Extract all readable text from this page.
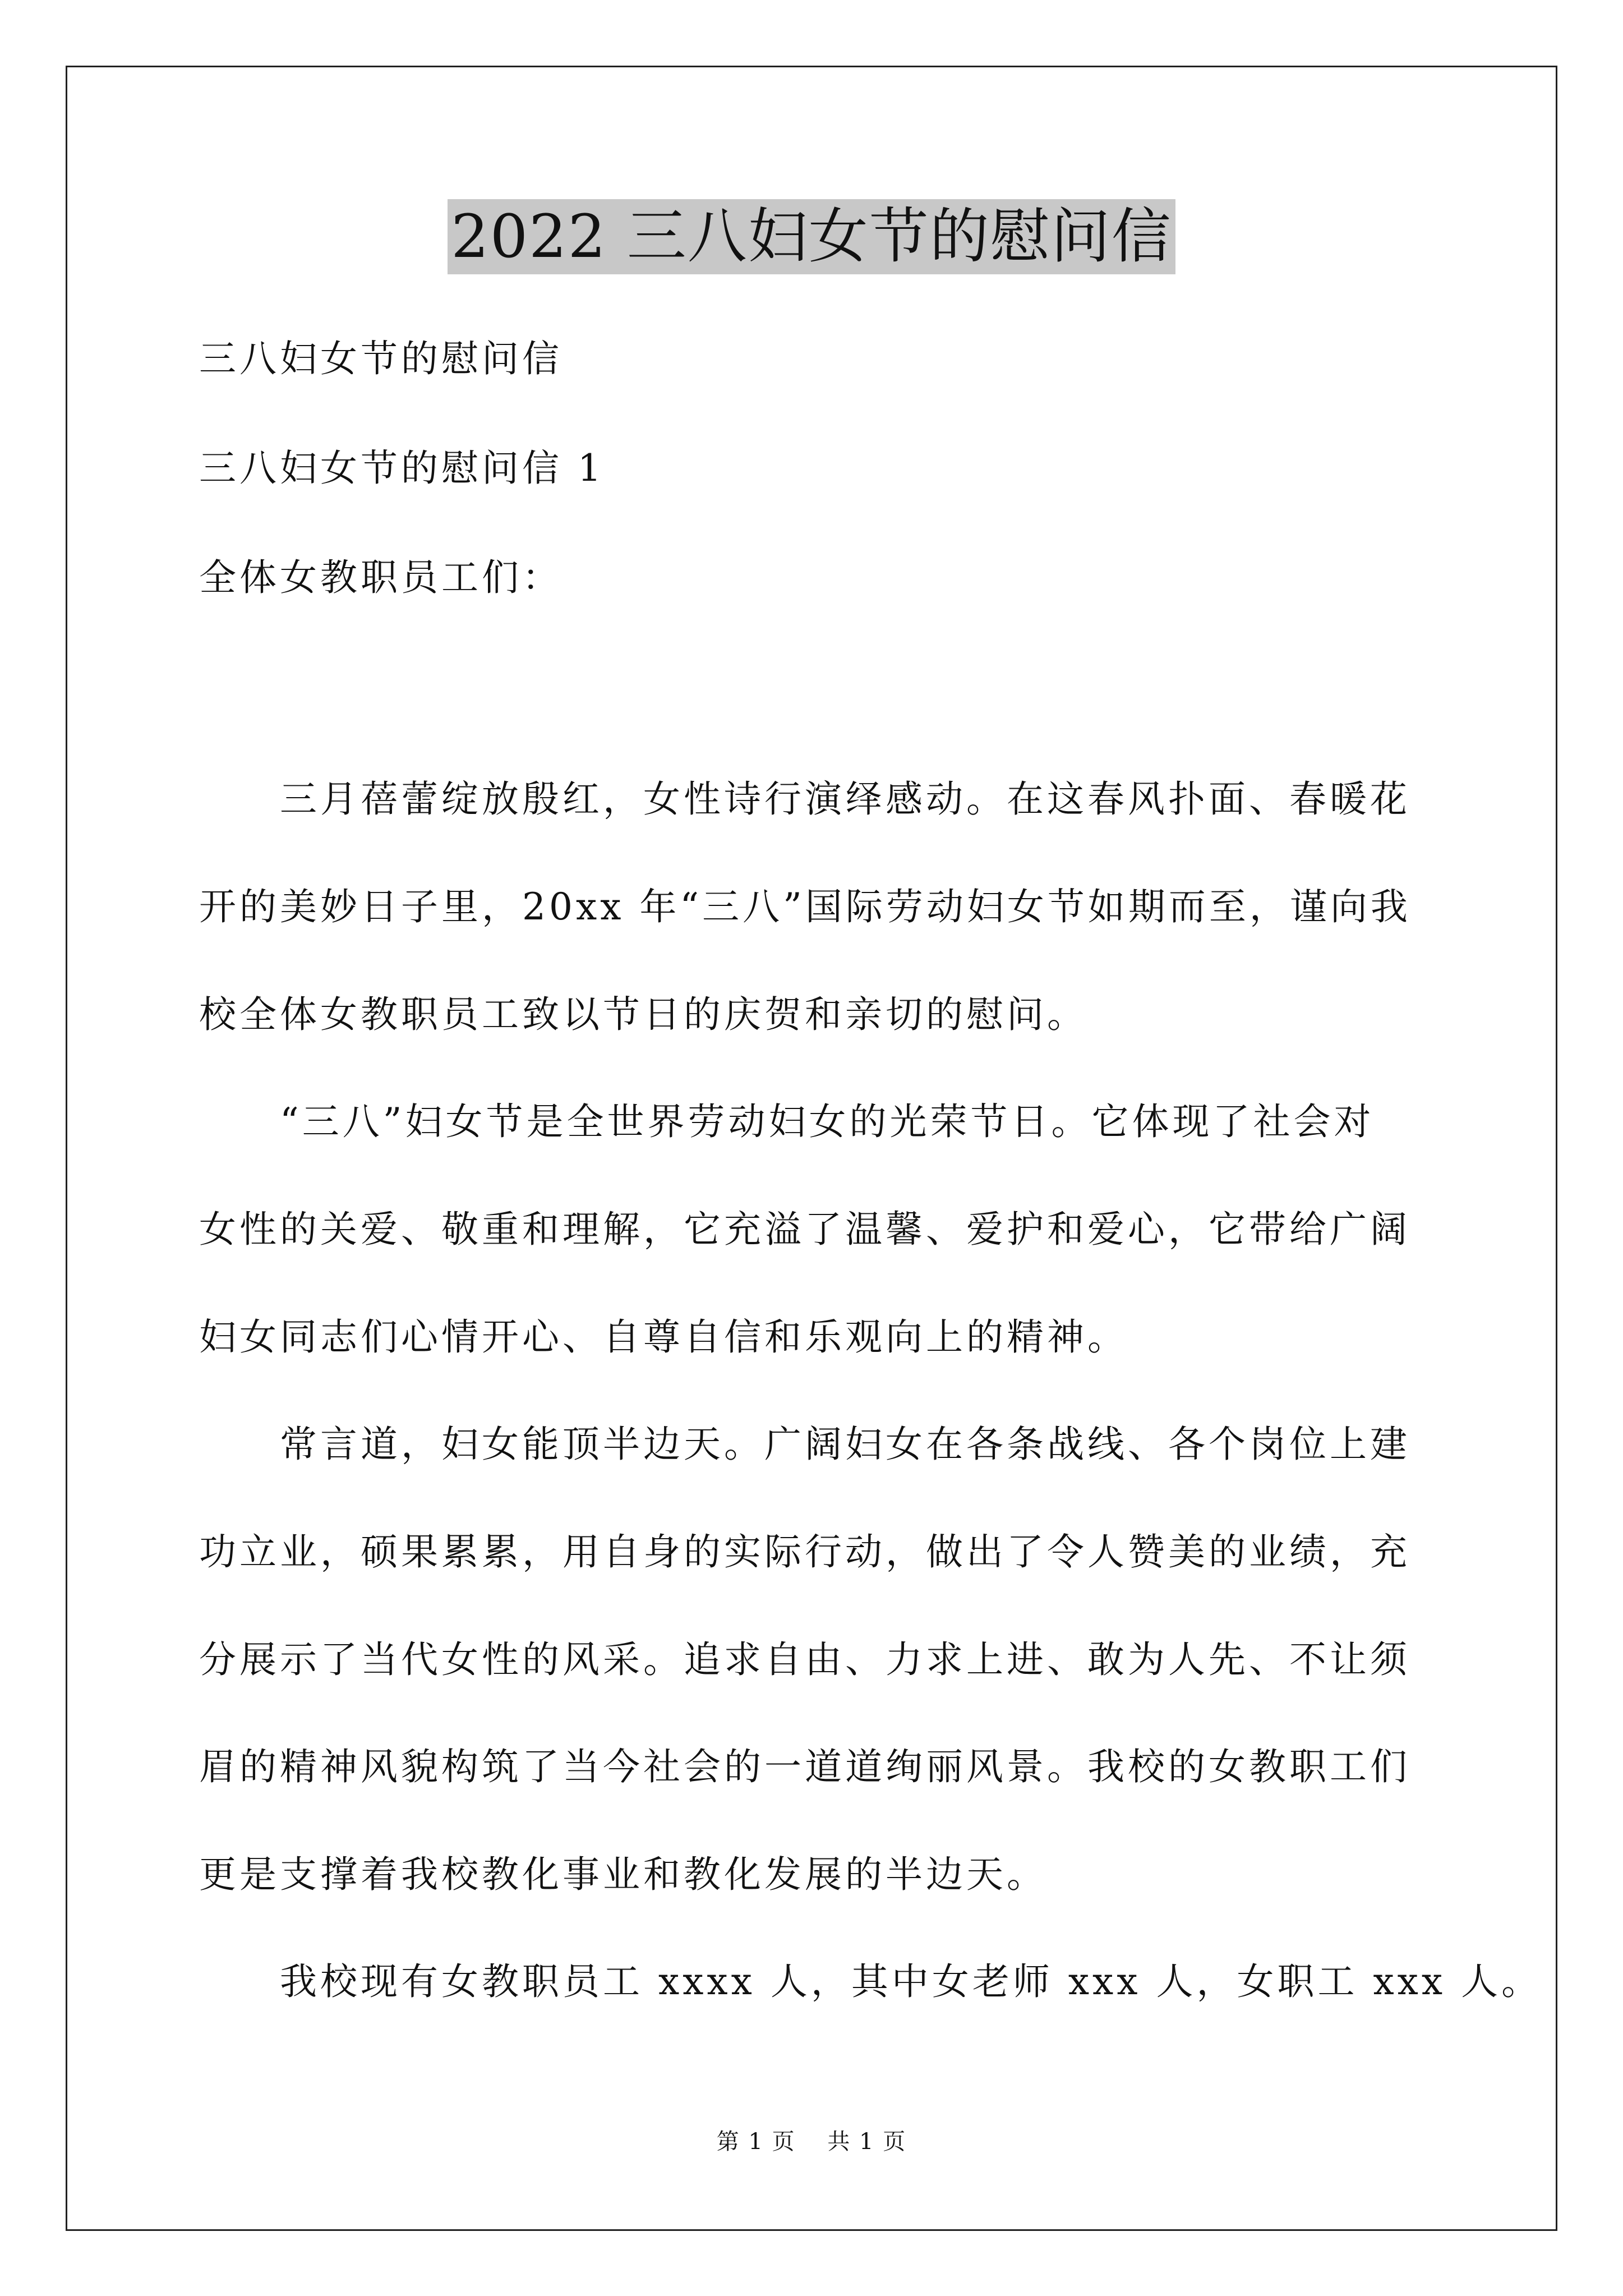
2022 三八妇女节的慰问信
三八妇女节的慰问信
三八妇女节的慰问信 1
全体女教职员工们：
　　三月蓓蕾绽放殷红，女性诗行演绎感动。在这春风扑面、春暖花
开的美妙日子里，20xx 年“三八”国际劳动妇女节如期而至，谨向我
校全体女教职员工致以节日的庆贺和亲切的慰问。
　　“三八”妇女节是全世界劳动妇女的光荣节日。它体现了社会对
女性的关爱、敬重和理解，它充溢了温馨、爱护和爱心，它带给广阔
妇女同志们心情开心、自尊自信和乐观向上的精神。
　　常言道，妇女能顶半边天。广阔妇女在各条战线、各个岗位上建
功立业，硕果累累，用自身的实际行动，做出了令人赞美的业绩，充
分展示了当代女性的风采。追求自由、力求上进、敢为人先、不让须
眉的精神风貌构筑了当今社会的一道道绚丽风景。我校的女教职工们
更是支撑着我校教化事业和教化发展的半边天。
　　我校现有女教职员工 xxxx 人，其中女老师 xxx 人，女职工 xxx 人。
第 1 页　 共 1 页
